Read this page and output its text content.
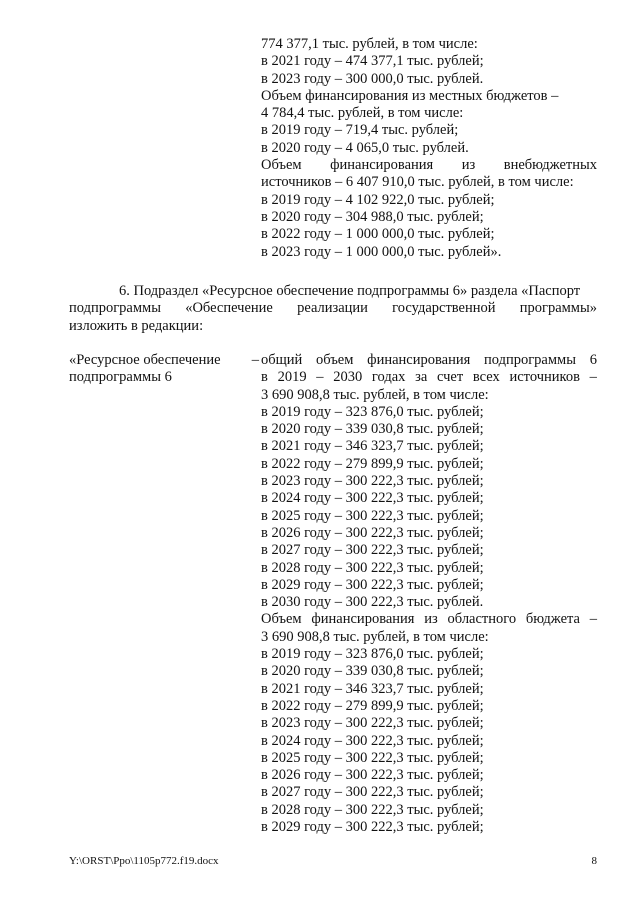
774 377,1 тыс. рублей, в том числе:
в 2021 году – 474 377,1 тыс. рублей;
в 2023 году – 300 000,0 тыс. рублей.
Объем финансирования из местных бюджетов –
4 784,4 тыс. рублей, в том числе:
в 2019 году – 719,4 тыс. рублей;
в 2020 году – 4 065,0 тыс. рублей.
Объем финансирования из внебюджетных
источников – 6 407 910,0 тыс. рублей, в том числе:
в 2019 году – 4 102 922,0 тыс. рублей;
в 2020 году – 304 988,0 тыс. рублей;
в 2022 году – 1 000 000,0 тыс. рублей;
в 2023 году – 1 000 000,0 тыс. рублей».
6. Подраздел «Ресурсное обеспечение подпрограммы 6» раздела «Паспорт
подпрограммы «Обеспечение реализации государственной программы»
изложить в редакции:
«Ресурсное обеспечение –
подпрограммы 6
общий объем финансирования подпрограммы 6
в 2019 – 2030 годах за счет всех источников –
3 690 908,8 тыс. рублей, в том числе:
в 2019 году – 323 876,0 тыс. рублей;
в 2020 году – 339 030,8 тыс. рублей;
в 2021 году – 346 323,7 тыс. рублей;
в 2022 году – 279 899,9 тыс. рублей;
в 2023 году – 300 222,3 тыс. рублей;
в 2024 году – 300 222,3 тыс. рублей;
в 2025 году – 300 222,3 тыс. рублей;
в 2026 году – 300 222,3 тыс. рублей;
в 2027 году – 300 222,3 тыс. рублей;
в 2028 году – 300 222,3 тыс. рублей;
в 2029 году – 300 222,3 тыс. рублей;
в 2030 году – 300 222,3 тыс. рублей.
Объем финансирования из областного бюджета –
3 690 908,8 тыс. рублей, в том числе:
в 2019 году – 323 876,0 тыс. рублей;
в 2020 году – 339 030,8 тыс. рублей;
в 2021 году – 346 323,7 тыс. рублей;
в 2022 году – 279 899,9 тыс. рублей;
в 2023 году – 300 222,3 тыс. рублей;
в 2024 году – 300 222,3 тыс. рублей;
в 2025 году – 300 222,3 тыс. рублей;
в 2026 году – 300 222,3 тыс. рублей;
в 2027 году – 300 222,3 тыс. рублей;
в 2028 году – 300 222,3 тыс. рублей;
в 2029 году – 300 222,3 тыс. рублей;
Y:\ORST\Ppo\1105p772.f19.docx	8
